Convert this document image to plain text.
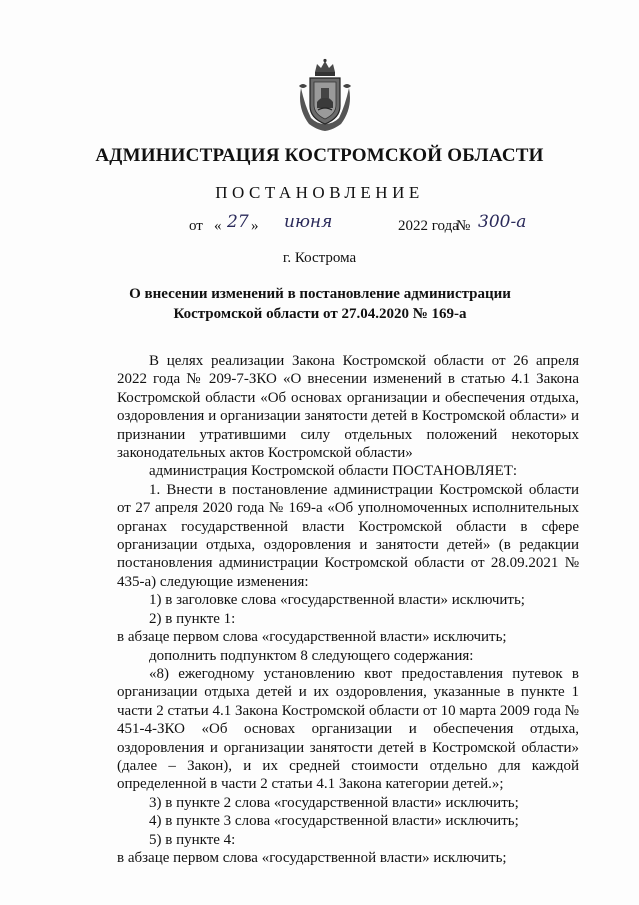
АДМИНИСТРАЦИЯ КОСТРОМСКОЙ ОБЛАСТИ
ПОСТАНОВЛЕНИЕ
от « 27 » июня	2022 года
№ 300-а
г. Кострома
О внесении изменений в постановление администрации
Костромской области от 27.04.2020 № 169-а

В целях реализации Закона Костромской области от 26 апреля 2022 года № 209-7-ЗКО «О внесении изменений в статью 4.1 Закона Костромской области «Об основах организации и обеспечения отдыха, оздоровления и организации занятости детей в Костромской области» и признании утратившими силу отдельных положений некоторых законодательных актов Костромской области»

администрация Костромской области ПОСТАНОВЛЯЕТ:

1. Внести в постановление администрации Костромской области от 27 апреля 2020 года № 169-а «Об уполномоченных исполнительных органах государственной власти Костромской области в сфере организации отдыха, оздоровления и занятости детей» (в редакции постановления администрации Костромской области от 28.09.2021 № 435-а) следующие изменения:

1) в заголовке слова «государственной власти» исключить;

2) в пункте 1:

в абзаце первом слова «государственной власти» исключить;

дополнить подпунктом 8 следующего содержания:

«8) ежегодному установлению квот предоставления путевок в организации отдыха детей и их оздоровления, указанные в пункте 1 части 2 статьи 4.1 Закона Костромской области от 10 марта 2009 года № 451-4-ЗКО «Об основах организации и обеспечения отдыха, оздоровления и организации занятости детей в Костромской области» (далее – Закон), и их средней стоимости отдельно для каждой определенной в части 2 статьи 4.1 Закона категории детей.»;

3) в пункте 2 слова «государственной власти» исключить;

4) в пункте 3 слова «государственной власти» исключить;

5) в пункте 4:

в абзаце первом слова «государственной власти» исключить;
